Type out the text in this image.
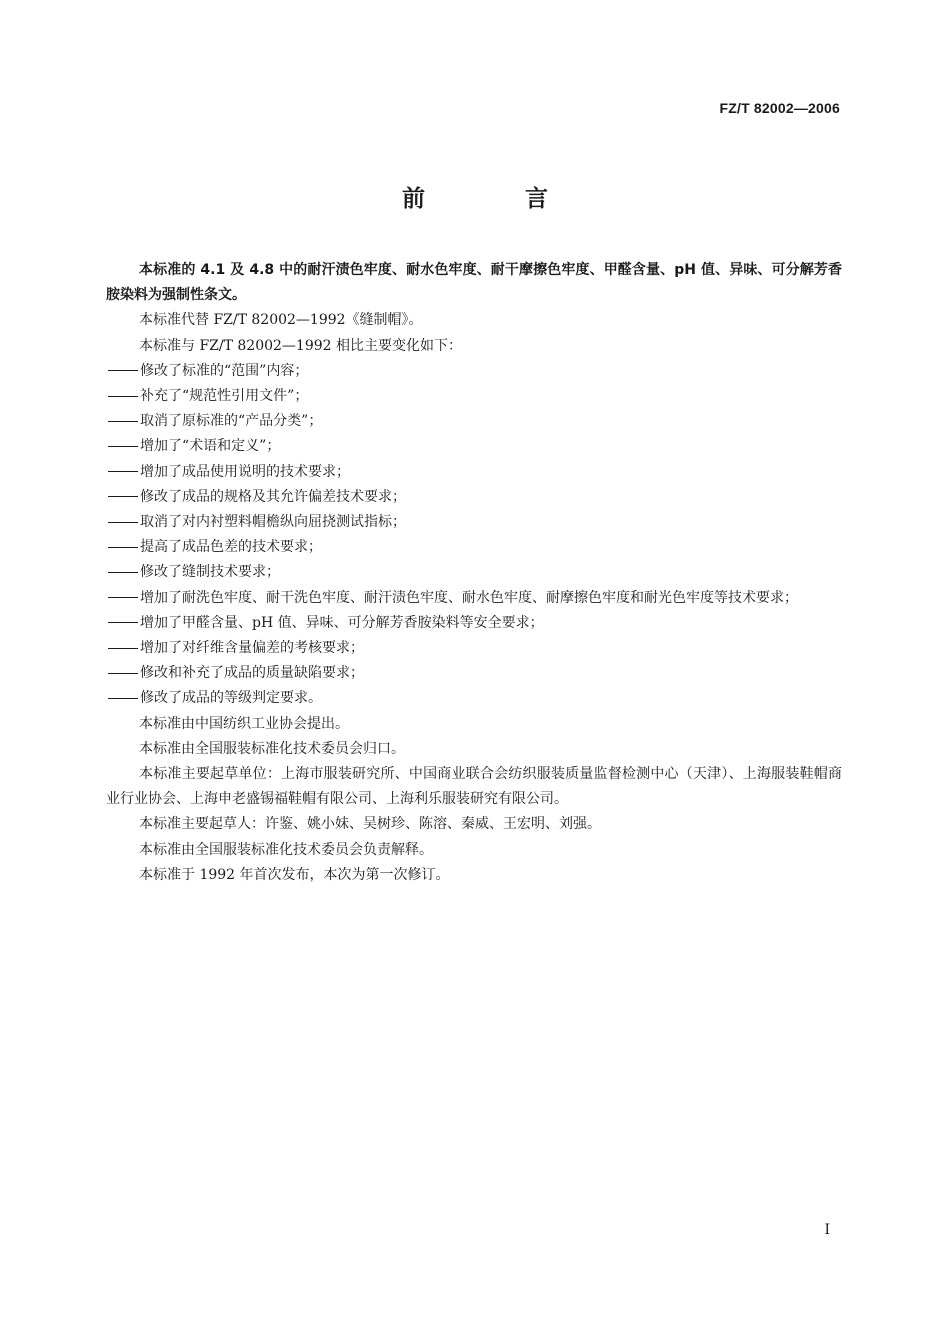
FZ/T 82002—2006
前 言

本标准的 4.1 及 4.8 中的耐汗渍色牢度、耐水色牢度、耐干摩擦色牢度、甲醛含量、pH 值、异味、可分解芳香胺染料为强制性条文。

本标准代替 FZ/T 82002—1992《缝制帽》。

本标准与 FZ/T 82002—1992 相比主要变化如下：

修改了标准的“范围”内容；

补充了“规范性引用文件”；

取消了原标准的“产品分类”；

增加了“术语和定义”；

增加了成品使用说明的技术要求；

修改了成品的规格及其允许偏差技术要求；

取消了对内衬塑料帽檐纵向屈挠测试指标；

提高了成品色差的技术要求；

修改了缝制技术要求；

增加了耐洗色牢度、耐干洗色牢度、耐汗渍色牢度、耐水色牢度、耐摩擦色牢度和耐光色牢度等技术要求；

增加了甲醛含量、pH 值、异味、可分解芳香胺染料等安全要求；

增加了对纤维含量偏差的考核要求；

修改和补充了成品的质量缺陷要求；

修改了成品的等级判定要求。

本标准由中国纺织工业协会提出。

本标准由全国服装标准化技术委员会归口。

本标准主要起草单位：上海市服装研究所、中国商业联合会纺织服装质量监督检测中心（天津）、上海服装鞋帽商业行业协会、上海申老盛锡福鞋帽有限公司、上海利乐服装研究有限公司。

本标准主要起草人：许鉴、姚小妹、吴树珍、陈溶、秦威、王宏明、刘强。

本标准由全国服装标准化技术委员会负责解释。

本标准于 1992 年首次发布，本次为第一次修订。

I
